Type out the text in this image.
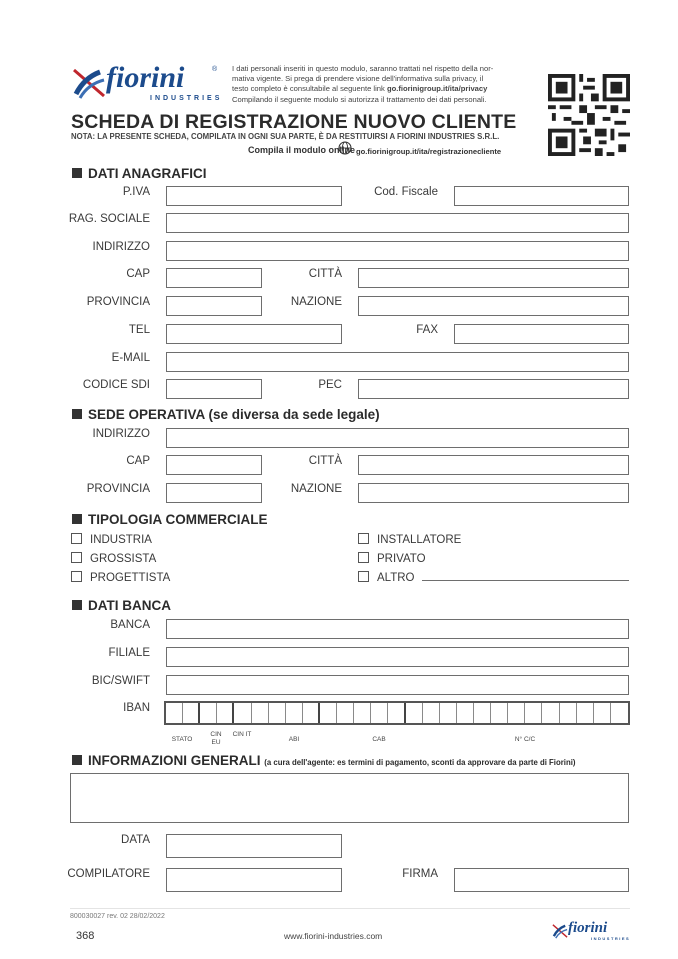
fiorini	®
INDUSTRIES
I dati personali inseriti in questo modulo, saranno trattati nel rispetto della nor-
mativa vigente. Si prega di prendere visione dell'informativa sulla privacy, il
testo completo è consultabile al seguente link go.fiorinigroup.it/ita/privacy
Compilando il seguente modulo si autorizza il trattamento dei dati personali.
SCHEDA DI REGISTRAZIONE NUOVO CLIENTE
NOTA: LA PRESENTE SCHEDA, COMPILATA IN OGNI SUA PARTE, È DA RESTITUIRSI A FIORINI INDUSTRIES S.R.L.
Compila il modulo online go.fiorinigroup.it/ita/registrazionecliente
DATI ANAGRAFICI
P.IVA	Cod. Fiscale
RAG. SOCIALE
INDIRIZZO
CAP	CITTÀ
PROVINCIA	NAZIONE
TEL	FAX
E-MAIL
CODICE SDI	PEC
SEDE OPERATIVA (se diversa da sede legale)
INDIRIZZO
CAP	CITTÀ
PROVINCIA	NAZIONE
TIPOLOGIA COMMERCIALE
INDUSTRIA
GROSSISTA
PROGETTISTA
INSTALLATORE
PRIVATO
ALTRO
DATI BANCA
BANCA
FILIALE
BIC/SWIFT
IBAN
STATO
CIN EU
CIN IT
ABI	CAB	N° C/C
INFORMAZIONI GENERALI (a cura dell'agente: es termini di pagamento, sconti da approvare da parte di Fiorini)
DATA
COMPILATORE	FIRMA
800030027 rev. 02 28/02/2022
368	www.fiorini-industries.com	fiorini
INDUSTRIES
